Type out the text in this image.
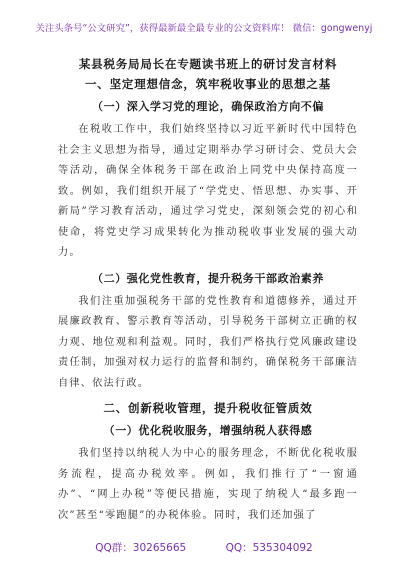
关注头条号“公文研究”，获得最新最全最专业的公文资料库！ 微信：gongwenyj
某县税务局局长在专题读书班上的研讨发言材料
一、坚定理想信念，筑牢税收事业的思想之基
（一）深入学习党的理论，确保政治方向不偏

在税收工作中，我们始终坚持以习近平新时代中国特色社会主义思想为指导，通过定期举办学习研讨会、党员大会等活动，确保全体税务干部在政治上同党中央保持高度一致。例如，我们组织开展了“学党史、悟思想、办实事、开新局”学习教育活动，通过学习党史，深刻领会党的初心和使命，将党史学习成果转化为推动税收事业发展的强大动力。

（二）强化党性教育，提升税务干部政治素养

我们注重加强税务干部的党性教育和道德修养，通过开展廉政教育、警示教育等活动，引导税务干部树立正确的权力观、地位观和利益观。同时，我们严格执行党风廉政建设责任制，加强对权力运行的监督和制约，确保税务干部廉洁自律、依法行政。

二、创新税收管理，提升税收征管质效
（一）优化税收服务，增强纳税人获得感

我们坚持以纳税人为中心的服务理念，不断优化税收服务流程，提高办税效率。例如，我们推行了“一窗通办”、“网上办税”等便民措施，实现了纳税人“最多跑一次”甚至“零跑腿”的办税体验。同时，我们还加强了

QQ群：30265665	QQ：535304092
